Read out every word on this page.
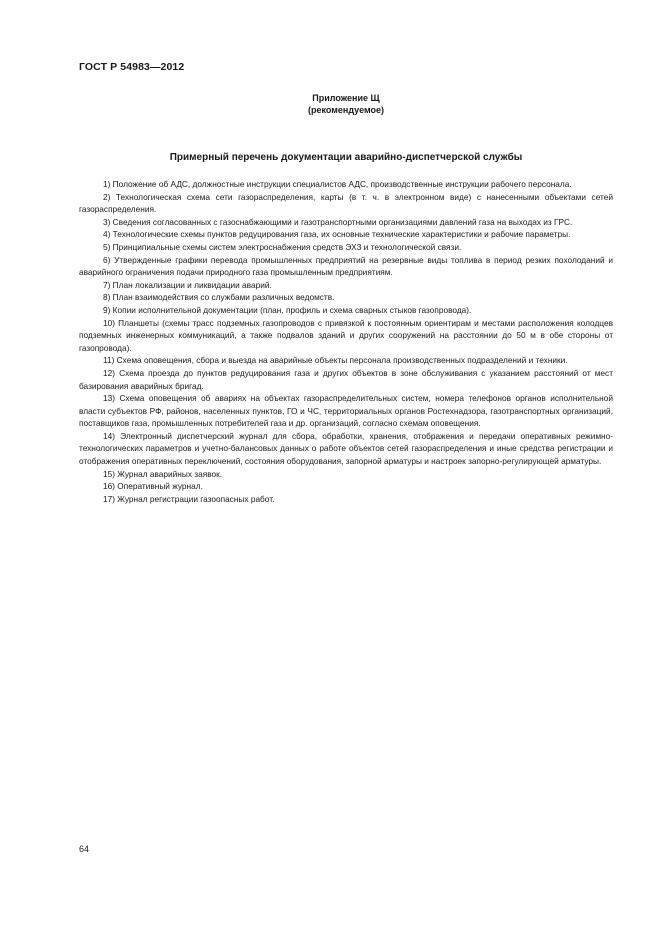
ГОСТ Р 54983—2012
Приложение Щ
(рекомендуемое)
Примерный перечень документации аварийно-диспетчерской службы
1) Положение об АДС, должностные инструкции специалистов АДС, производственные инструкции рабочего персонала.
2) Технологическая схема сети газораспределения, карты (в т. ч. в электронном виде) с нанесенными объектами сетей газораспределения.
3) Сведения согласованных с газоснабжающими и газотранспортными организациями давлений газа на выходах из ГРС.
4) Технологические схемы пунктов редуцирования газа, их основные технические характеристики и рабочие параметры.
5) Принципиальные схемы систем электроснабжения средств ЭХЗ и технологической связи.
6) Утвержденные графики перевода промышленных предприятий на резервные виды топлива в период резких похолоданий и аварийного ограничения подачи природного газа промышленным предприятиям.
7) План локализации и ликвидации аварий.
8) План взаимодействия со службами различных ведомств.
9) Копии исполнительной документации (план, профиль и схема сварных стыков газопровода).
10) Планшеты (схемы трасс подземных газопроводов с привязкой к постоянным ориентирам и местами расположения колодцев подземных инженерных коммуникаций, а также подвалов зданий и других сооружений на расстоянии до 50 м в обе стороны от газопровода).
11) Схема оповещения, сбора и выезда на аварийные объекты персонала производственных подразделений и техники.
12) Схема проезда до пунктов редуцирования газа и других объектов в зоне обслуживания с указанием расстояний от мест базирования аварийных бригад.
13) Схема оповещения об авариях на объектах газораспределительных систем, номера телефонов органов исполнительной власти субъектов РФ, районов, населенных пунктов, ГО и ЧС, территориальных органов Ростехнадзора, газотранспортных организаций, поставщиков газа, промышленных потребителей газа и др. организаций, согласно схемам оповещения.
14) Электронный диспетчерский журнал для сбора, обработки, хранения, отображения и передачи оперативных режимно-технологических параметров и учетно-балансовых данных о работе объектов сетей газораспределения и иные средства регистрации и отображения оперативных переключений, состояния оборудования, запорной арматуры и настроек запорно-регулирующей арматуры.
15) Журнал аварийных заявок.
16) Оперативный журнал.
17) Журнал регистрации газоопасных работ.
64
